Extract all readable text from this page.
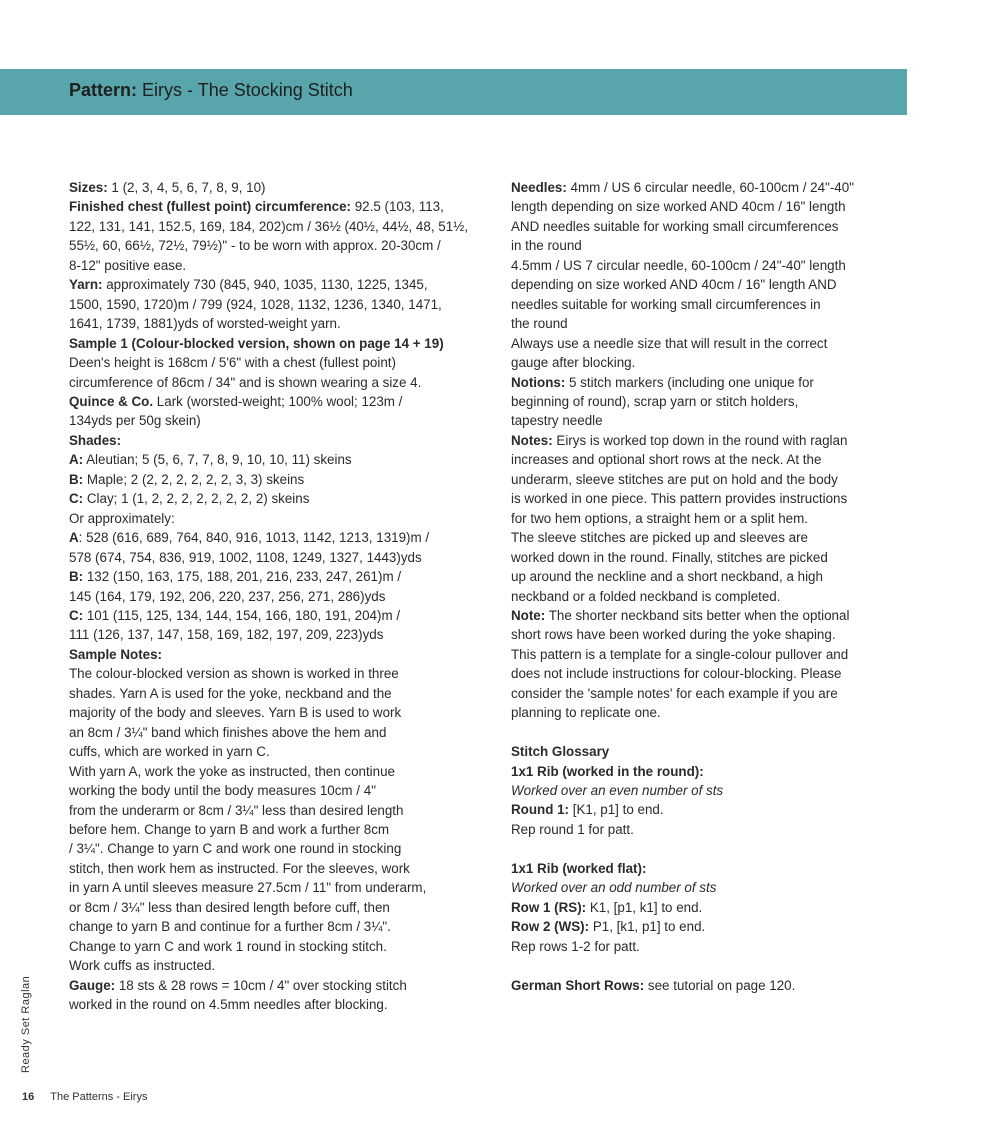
Pattern: Eirys - The Stocking Stitch
Sizes: 1 (2, 3, 4, 5, 6, 7, 8, 9, 10)
Finished chest (fullest point) circumference: 92.5 (103, 113,
122, 131, 141, 152.5, 169, 184, 202)cm / 36½ (40½, 44½, 48, 51½,
55½, 60, 66½, 72½, 79½)" - to be worn with approx. 20-30cm /
8-12" positive ease.
Yarn: approximately 730 (845, 940, 1035, 1130, 1225, 1345,
1500, 1590, 1720)m / 799 (924, 1028, 1132, 1236, 1340, 1471,
1641, 1739, 1881)yds of worsted-weight yarn.
Sample 1 (Colour-blocked version, shown on page 14 + 19)
Deen's height is 168cm / 5'6" with a chest (fullest point)
circumference of 86cm / 34" and is shown wearing a size 4.
Quince & Co. Lark (worsted-weight; 100% wool; 123m /
134yds per 50g skein)
Shades:
A: Aleutian; 5 (5, 6, 7, 7, 8, 9, 10, 10, 11) skeins
B: Maple; 2 (2, 2, 2, 2, 2, 2, 3, 3) skeins
C: Clay; 1 (1, 2, 2, 2, 2, 2, 2, 2, 2) skeins
Or approximately:
A: 528 (616, 689, 764, 840, 916, 1013, 1142, 1213, 1319)m /
578 (674, 754, 836, 919, 1002, 1108, 1249, 1327, 1443)yds
B: 132 (150, 163, 175, 188, 201, 216, 233, 247, 261)m /
145 (164, 179, 192, 206, 220, 237, 256, 271, 286)yds
C: 101 (115, 125, 134, 144, 154, 166, 180, 191, 204)m /
111 (126, 137, 147, 158, 169, 182, 197, 209, 223)yds
Sample Notes:
The colour-blocked version as shown is worked in three
shades. Yarn A is used for the yoke, neckband and the
majority of the body and sleeves. Yarn B is used to work
an 8cm / 3¼" band which finishes above the hem and
cuffs, which are worked in yarn C.
With yarn A, work the yoke as instructed, then continue
working the body until the body measures 10cm / 4"
from the underarm or 8cm / 3¼" less than desired length
before hem. Change to yarn B and work a further 8cm
/ 3¼". Change to yarn C and work one round in stocking
stitch, then work hem as instructed. For the sleeves, work
in yarn A until sleeves measure 27.5cm / 11" from underarm,
or 8cm / 3¼" less than desired length before cuff, then
change to yarn B and continue for a further 8cm / 3¼".
Change to yarn C and work 1 round in stocking stitch.
Work cuffs as instructed.
Gauge: 18 sts & 28 rows = 10cm / 4" over stocking stitch
worked in the round on 4.5mm needles after blocking.
Needles: 4mm / US 6 circular needle, 60-100cm / 24"-40"
length depending on size worked AND 40cm / 16" length
AND needles suitable for working small circumferences
in the round
4.5mm / US 7 circular needle, 60-100cm / 24"-40" length
depending on size worked AND 40cm / 16" length AND
needles suitable for working small circumferences in
the round
Always use a needle size that will result in the correct
gauge after blocking.
Notions: 5 stitch markers (including one unique for
beginning of round), scrap yarn or stitch holders,
tapestry needle
Notes: Eirys is worked top down in the round with raglan
increases and optional short rows at the neck. At the
underarm, sleeve stitches are put on hold and the body
is worked in one piece. This pattern provides instructions
for two hem options, a straight hem or a split hem.
The sleeve stitches are picked up and sleeves are
worked down in the round. Finally, stitches are picked
up around the neckline and a short neckband, a high
neckband or a folded neckband is completed.
Note: The shorter neckband sits better when the optional
short rows have been worked during the yoke shaping.
This pattern is a template for a single-colour pullover and
does not include instructions for colour-blocking. Please
consider the 'sample notes' for each example if you are
planning to replicate one.
Stitch Glossary
1x1 Rib (worked in the round):
Worked over an even number of sts
Round 1: [K1, p1] to end.
Rep round 1 for patt.
1x1 Rib (worked flat):
Worked over an odd number of sts
Row 1 (RS): K1, [p1, k1] to end.
Row 2 (WS): P1, [k1, p1] to end.
Rep rows 1-2 for patt.
German Short Rows: see tutorial on page 120.
Ready Set Raglan
16 The Patterns - Eirys
